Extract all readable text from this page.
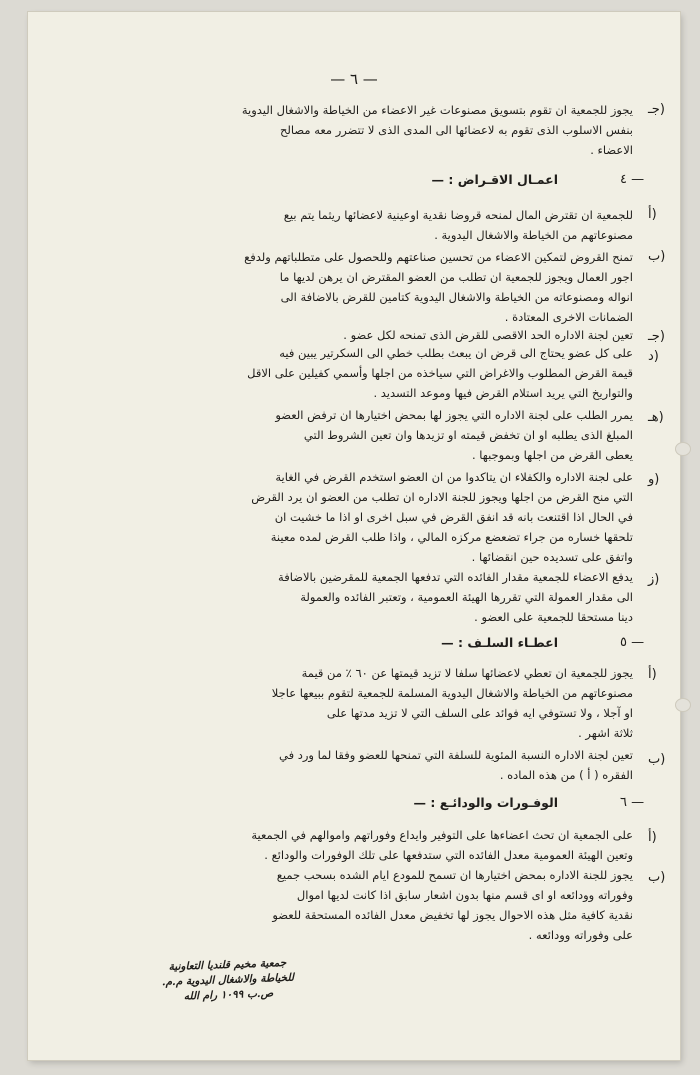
— ٦ —
جـ)
يجوز للجمعية ان تقوم بتسويق مصنوعات غير الاعضاء من الخياطة والاشغال اليدوية
بنفس الاسلوب الذى تقوم به لاعضائها الى المدى الذى لا تتضرر معه مصالح
الاعضاء .
٤ —
اعمـال الاقـراض : —
أ)
للجمعية ان تقترض المال لمنحه قروضا نقدية اوعينية لاعضائها ريثما يتم بيع
مصنوعاتهم من الخياطة والاشغال اليدوية .
ب)
تمنح القروض لتمكين الاعضاء من تحسين صناعتهم وللحصول على متطلباتهم ولدفع
اجور العمال ويجوز للجمعية ان تطلب من العضو المقترض ان يرهن لديها ما
انواله ومصنوعاته من الخياطة والاشغال اليدوية كتامين للقرض بالاضافة الى
الضمانات الاخرى المعتادة .
جـ)
تعين لجنة الاداره الحد الاقصى للقرض الذى تمنحه لكل عضو .
د)
على كل عضو يحتاج الى قرض ان يبعث بطلب خطي الى السكرتير يبين فيه
قيمة القرض المطلوب والاغراض التي سياخذه من اجلها وأسمي كفيلين على الاقل
والتواريخ التي يريد استلام القرض فيها وموعد التسديد .
هـ)
يمرر الطلب على لجنة الاداره التي يجوز لها بمحض اختيارها ان ترفض العضو
المبلغ الذى يطلبه او ان تخفض قيمته او تزيدها وان تعين الشروط التي
يعطى القرض من اجلها وبموجبها .
و)
على لجنة الاداره والكفلاء ان يتاكدوا من ان العضو استخدم القرض في الغاية
التي منح القرض من اجلها ويجوز للجنة الاداره ان تطلب من العضو ان يرد القرض
في الحال اذا اقتنعت بانه قد انفق القرض في سبل اخرى او اذا ما خشيت ان
تلحقها خساره من جراء تضعضع مركزه المالي ، واذا طلب القرض لمده معينة
واتفق على تسديده حين انقضائها .
ز)
يدفع الاعضاء للجمعية مقدار الفائده التي تدفعها الجمعية للمقرضين بالاضافة
الى مقدار العمولة التي تقررها الهيئة العمومية ، وتعتبر الفائده والعمولة
دينا مستحقا للجمعية على العضو .
٥ —
اعطـاء السلـف : —
أ)
يجوز للجمعية ان تعطي لاعضائها سلفا لا تزيد قيمتها عن ٦٠ ٪ من قيمة
مصنوعاتهم من الخياطة والاشغال اليدوية المسلمة للجمعية لتقوم ببيعها عاجلا
او آجلا ، ولا تستوفي ايه فوائد على السلف التي لا تزيد مدتها على
ثلاثة اشهر .
ب)
تعين لجنة الاداره النسبة المئوية للسلفة التي تمنحها للعضو وفقا لما ورد في
الفقره ( أ ) من هذه الماده .
٦ —
الوفـورات والودائـع : —
أ)
على الجمعية ان تحث اعضاءها على التوفير وايداع وفوراتهم واموالهم في الجمعية
وتعين الهيئة العمومية معدل الفائده التي ستدفعها على تلك الوفورات والودائع .
ب)
يجوز للجنة الاداره بمحض اختيارها ان تسمح للمودع ايام الشده بسحب جميع
وفوراته وودائعه او اى قسم منها بدون اشعار سابق اذا كانت لديها اموال
نقدية كافية مثل هذه الاحوال يجوز لها تخفيض معدل الفائده المستحقة للعضو
على وفوراته وودائعه .
جمعية مخيم قلنديا التعاونية
للخياطة والاشغال اليدوية م.م.
ص.ب ١٠٩٩ رام الله
